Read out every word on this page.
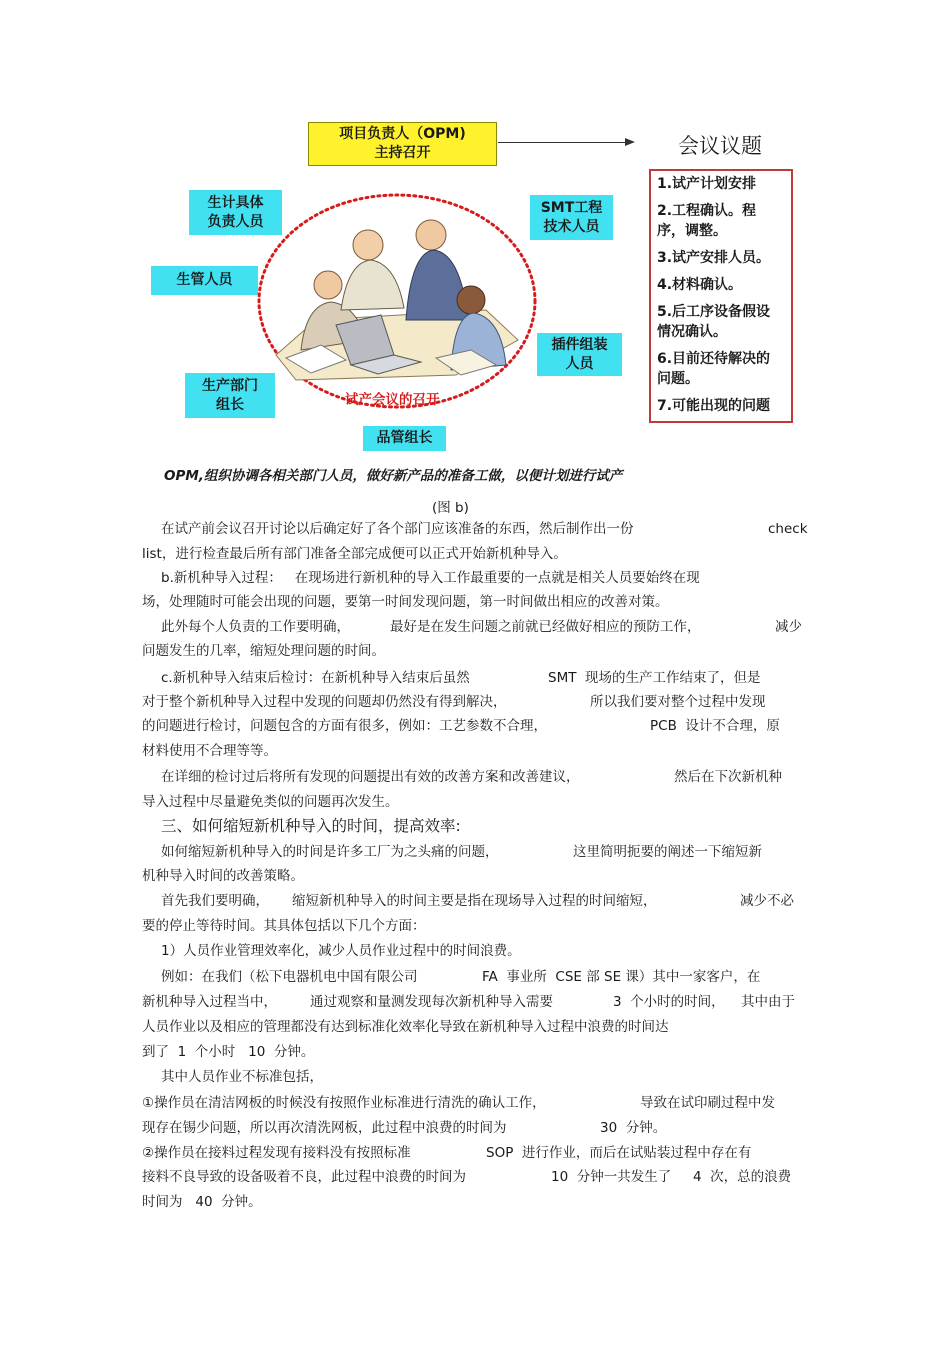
项目负责人（OPM)
主持召开	会议议题
1.试产计划安排
2.工程确认。程
序，调整。
3.试产安排人员。
4.材料确认。
5.后工序设备假设
情况确认。
6.目前还待解决的
问题。
7.可能出现的问题
生计具体
负责人员
生管人员
生产部门
组长
品管组长
SMT工程
技术人员
插件组装
人员
试产会议的召开
OPM,组织协调各相关部门人员，做好新产品的准备工做，以便计划进行试产
(图 b)
在试产前会议召开讨论以后确定好了各个部门应该准备的东西，然后制作出一份	check
list，进行检查最后所有部门准备全部完成便可以正式开始新机种导入。
b.新机种导入过程：   在现场进行新机种的导入工作最重要的一点就是相关人员要始终在现
场，处理随时可能会出现的问题，要第一时间发现问题，第一时间做出相应的改善对策。
此外每个人负责的工作要明确，	最好是在发生问题之前就已经做好相应的预防工作，	减少
问题发生的几率，缩短处理问题的时间。
c.新机种导入结束后检讨：在新机种导入结束后虽然	SMT  现场的生产工作结束了，但是
对于整个新机种导入过程中发现的问题却仍然没有得到解决，	所以我们要对整个过程中发现
的问题进行检讨，问题包含的方面有很多，例如：工艺参数不合理，	PCB  设计不合理，原
材料使用不合理等等。
在详细的检讨过后将所有发现的问题提出有效的改善方案和改善建议，	然后在下次新机种
导入过程中尽量避免类似的问题再次发生。
三、如何缩短新机种导入的时间，提高效率:
如何缩短新机种导入的时间是许多工厂为之头痛的问题，	这里简明扼要的阐述一下缩短新
机种导入时间的改善策略。
首先我们要明确， 缩短新机种导入的时间主要是指在现场导入过程的时间缩短，	减少不必
要的停止等待时间。其具体包括以下几个方面：
1）人员作业管理效率化，减少人员作业过程中的时间浪费。
例如：在我们（松下电器机电中国有限公司	FA  事业所  CSE 部 SE 课）其中一家客户，在
新机种导入过程当中， 通过观察和量测发现每次新机种导入需要	3  个小时的时间， 其中由于
人员作业以及相应的管理都没有达到标准化效率化导致在新机种导入过程中浪费的时间达
到了  1  个小时   10  分钟。
其中人员作业不标准包括，
①操作员在清洁网板的时候没有按照作业标准进行清洗的确认工作，	导致在试印刷过程中发
现存在锡少问题，所以再次清洗网板，此过程中浪费的时间为	30  分钟。
②操作员在接料过程发现有接料没有按照标准	SOP  进行作业，而后在试贴装过程中存在有
接料不良导致的设备吸着不良，此过程中浪费的时间为	10  分钟一共发生了 4  次，总的浪费
时间为   40  分钟。
